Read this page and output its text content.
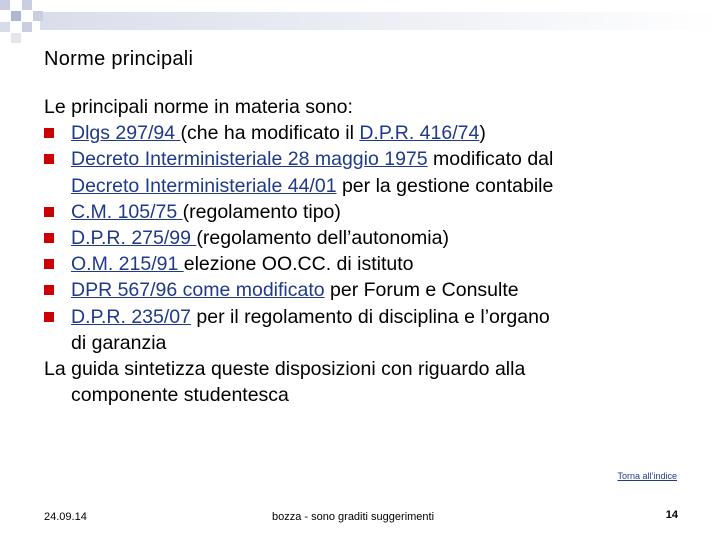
Norme principali
Le principali norme in materia sono:
Dlgs 297/94 (che ha modificato il D.P.R. 416/74)
Decreto Interministeriale 28 maggio 1975 modificato dal
Decreto Interministeriale 44/01 per la gestione contabile
C.M. 105/75 (regolamento tipo)
D.P.R. 275/99 (regolamento dell’autonomia)
O.M. 215/91 elezione OO.CC. di istituto
DPR 567/96 come modificato per Forum e Consulte
D.P.R. 235/07 per il regolamento di disciplina e l’organo
di garanzia
La guida sintetizza queste disposizioni con riguardo alla
componente studentesca
Torna all’indice
24.09.14	bozza - sono graditi suggerimenti	14
